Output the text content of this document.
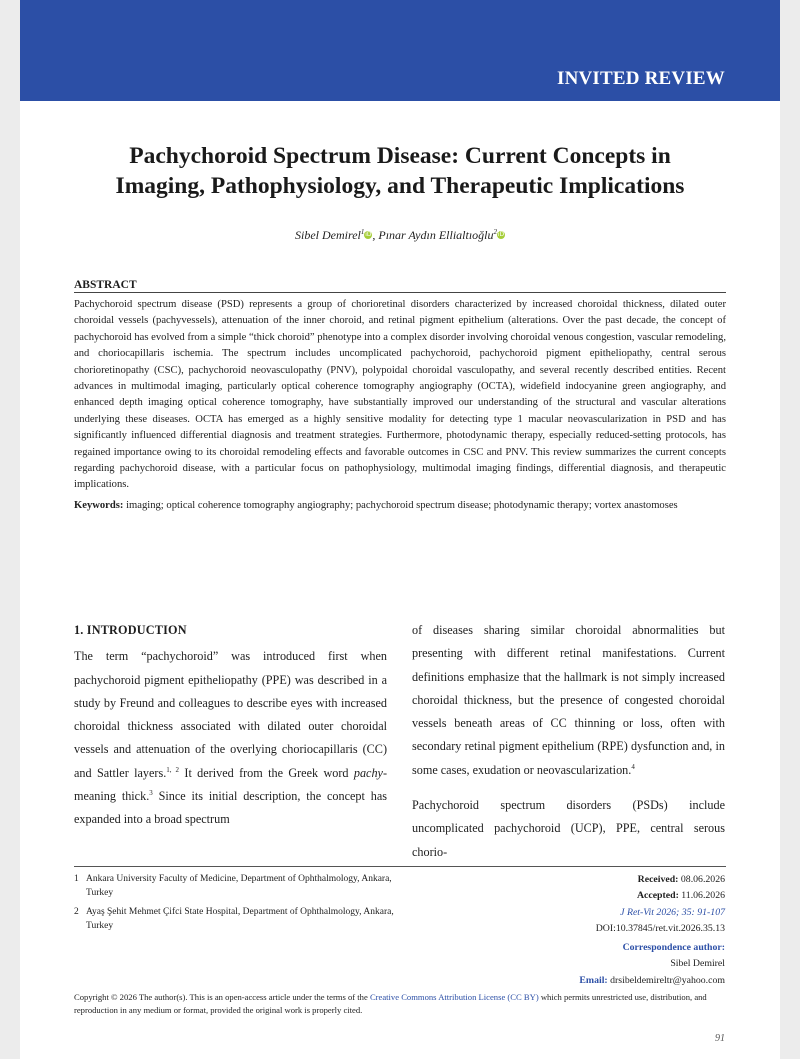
INVITED REVIEW
Pachychoroid Spectrum Disease: Current Concepts in
Imaging, Pathophysiology, and Therapeutic Implications
Sibel Demirel$^1$iD, Pınar Aydın Ellialtıoğlu$^2$iD
ABSTRACT

Pachychoroid spectrum disease (PSD) represents a group of chorioretinal disorders characterized by increased choroidal thickness, dilated outer choroidal vessels (pachyvessels), attenuation of the inner choroid, and retinal pigment epithelium (alterations. Over the past decade, the concept of pachychoroid has evolved from a simple “thick choroid” phenotype into a complex disorder involving choroidal venous congestion, vascular remodeling, and choriocapillaris ischemia. The spectrum includes uncomplicated pachychoroid, pachychoroid pigment epitheliopathy, central serous chorioretinopathy (CSC), pachychoroid neovasculopathy (PNV), polypoidal choroidal vasculopathy, and several recently described entities. Recent advances in multimodal imaging, particularly optical coherence tomography angiography (OCTA), widefield indocyanine green angiography, and enhanced depth imaging optical coherence tomography, have substantially improved our understanding of the structural and vascular alterations underlying these diseases. OCTA has emerged as a highly sensitive modality for detecting type 1 macular neovascularization in PSD and has significantly influenced differential diagnosis and treatment strategies. Furthermore, photodynamic therapy, especially reduced-setting protocols, has regained importance owing to its choroidal remodeling effects and favorable outcomes in CSC and PNV. This review summarizes the current concepts regarding pachychoroid disease, with a particular focus on pathophysiology, multimodal imaging findings, differential diagnosis, and therapeutic implications.

Keywords: imaging; optical coherence tomography angiography; pachychoroid spectrum disease; photodynamic therapy; vortex anastomoses

1. INTRODUCTION

The term “pachychoroid” was introduced first when pachychoroid pigment epitheliopathy (PPE) was described in a study by Freund and colleagues to describe eyes with increased choroidal thickness associated with dilated outer choroidal vessels and attenuation of the overlying choriocapillaris (CC) and Sattler layers.$^{1, 2}$ It derived from the Greek word pachy- meaning thick.$^3$ Since its initial description, the concept has expanded into a broad spectrum

of diseases sharing similar choroidal abnormalities but presenting with different retinal manifestations. Current definitions emphasize that the hallmark is not simply increased choroidal thickness, but the presence of congested choroidal vessels beneath areas of CC thinning or loss, often with secondary retinal pigment epithelium (RPE) dysfunction and, in some cases, exudation or neovascularization.$^4$

Pachychoroid spectrum disorders (PSDs) include uncomplicated pachychoroid (UCP), PPE, central serous chorio-

1 Ankara University Faculty of Medicine, Department of Ophthalmology, Ankara, Turkey
2 Ayaş Şehit Mehmet Çifci State Hospital, Department of Ophthalmology, Ankara, Turkey
Received: 08.06.2026
Accepted: 11.06.2026
J Ret-Vit 2026; 35: 91-107
DOI:10.37845/ret.vit.2026.35.13
Correspondence author:
Sibel Demirel
Email: drsibeldemireltr@yahoo.com
Copyright © 2026 The author(s). This is an open-access article under the terms of the Creative Commons Attribution License (CC BY) which permits unrestricted use, distribution, and reproduction in any medium or format, provided the original work is properly cited.
91
